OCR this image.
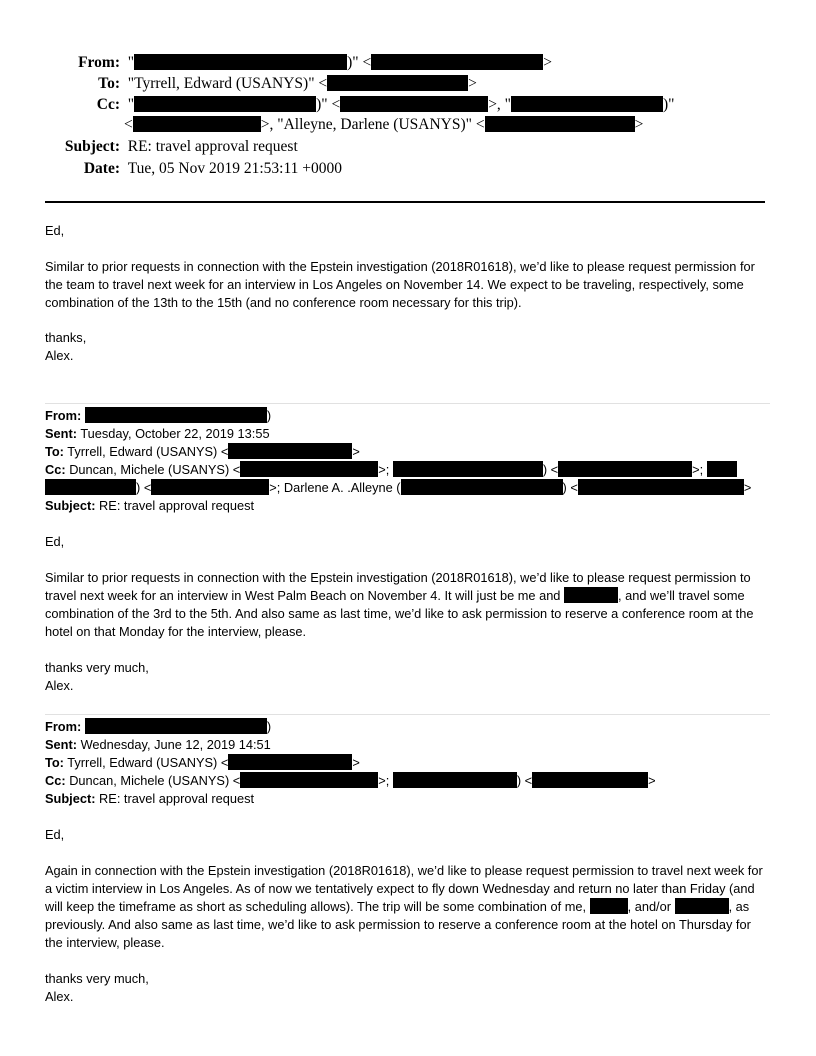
From:  "	)" <	>
To: "Tyrrell, Edward (USANYS)" <	>
Cc:  "	)" <	>, "	)"
<	>, "Alleyne, Darlene (USANYS)" <	>
Subject: RE: travel approval request
Date: Tue, 05 Nov 2019 21:53:11 +0000
Ed,
Similar to prior requests in connection with the Epstein investigation (2018R01618), we’d like to please request permission for the team to travel next week for an interview in Los Angeles on November 14. We expect to be traveling, respectively, some combination of the 13th to the 15th (and no conference room necessary for this trip).
thanks,
Alex.
From:	)
Sent: Tuesday, October 22, 2019 13:55
To: Tyrrell, Edward (USANYS) <	>
Cc: Duncan, Michele (USANYS) <	>;	) <	>;
) <	>; Darlene A. .Alleyne (	) <	>
Subject: RE: travel approval request
Ed,
Similar to prior requests in connection with the Epstein investigation (2018R01618), we’d like to please request permission to travel next week for an interview in West Palm Beach on November 4. It will just be me and	, and we’ll travel some combination of the 3rd to the 5th. And also same as last time, we’d like to ask permission to reserve a conference room at the hotel on that Monday for the interview, please.
thanks very much,
Alex.
From:	)
Sent: Wednesday, June 12, 2019 14:51
To: Tyrrell, Edward (USANYS) <	>
Cc: Duncan, Michele (USANYS) <	>;	) <	>
Subject: RE: travel approval request
Ed,
Again in connection with the Epstein investigation (2018R01618), we’d like to please request permission to travel next week for a victim interview in Los Angeles. As of now we tentatively expect to fly down Wednesday and return no later than Friday (and will keep the timeframe as short as scheduling allows). The trip will be some combination of me,	, and/or	, as previously. And also same as last time, we’d like to ask permission to reserve a conference room at the hotel on Thursday for the interview, please.
thanks very much,
Alex.
